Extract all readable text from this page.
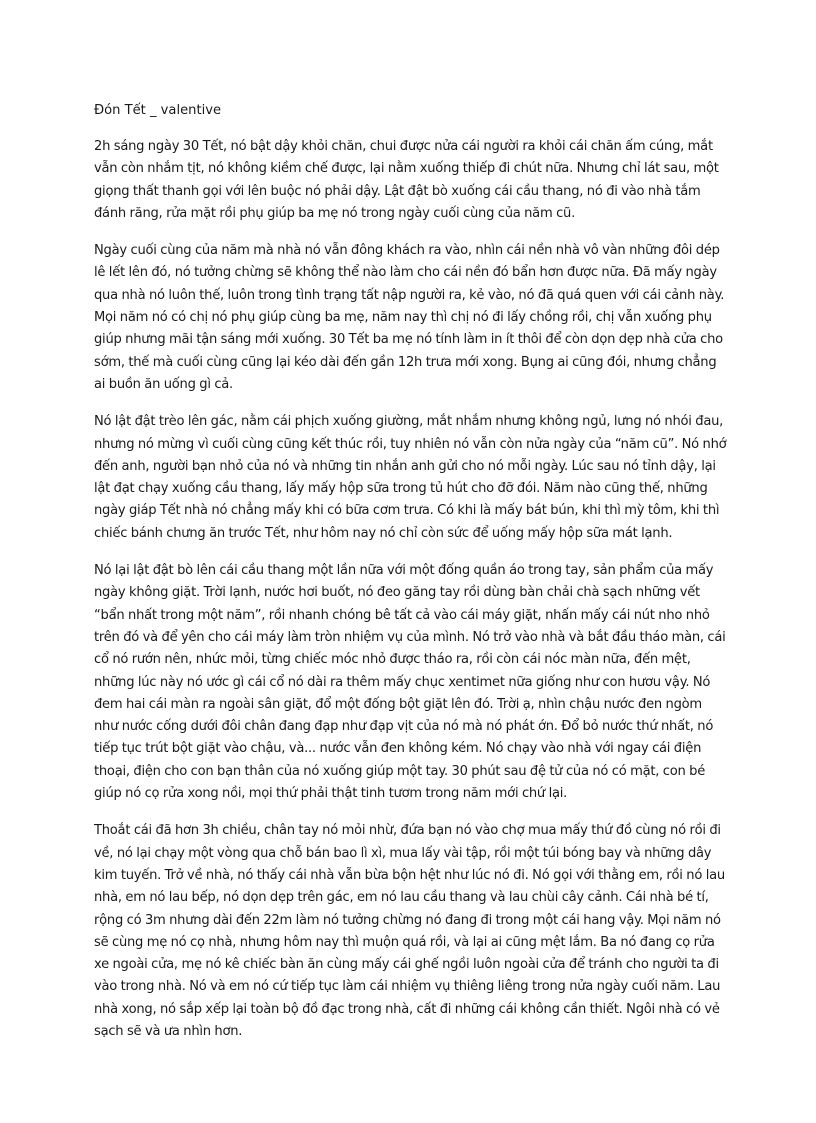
Đón Tết _ valentive

2h sáng ngày 30 Tết, nó bật dậy khỏi chăn, chui được nửa cái người ra khỏi cái chăn ấm cúng, mắt vẫn còn nhắm tịt, nó không kiềm chế được, lại nằm xuống thiếp đi chút nữa. Nhưng chỉ lát sau, một giọng thất thanh gọi với lên buộc nó phải dậy. Lật đật bò xuống cái cầu thang, nó đi vào nhà tắm đánh răng, rửa mặt rồi phụ giúp ba mẹ nó trong ngày cuối cùng của năm cũ.

Ngày cuối cùng của năm mà nhà nó vẫn đông khách ra vào, nhìn cái nền nhà vô vàn những đôi dép lê lết lên đó, nó tưởng chừng sẽ không thể nào làm cho cái nền đó bẩn hơn được nữa. Đã mấy ngày qua nhà nó luôn thế, luôn trong tình trạng tất nập người ra, kẻ vào, nó đã quá quen với cái cảnh này. Mọi năm nó có chị nó phụ giúp cùng ba mẹ, năm nay thì chị nó đi lấy chồng rồi, chị vẫn xuống phụ giúp nhưng mãi tận sáng mới xuống. 30 Tết ba mẹ nó tính làm in ít thôi để còn dọn dẹp nhà cửa cho sớm, thế mà cuối cùng cũng lại kéo dài đến gần 12h trưa mới xong. Bụng ai cũng đói, nhưng chẳng ai buồn ăn uống gì cả.

Nó lật đật trèo lên gác, nằm cái phịch xuống giường, mắt nhắm nhưng không ngủ, lưng nó nhói đau, nhưng nó mừng vì cuối cùng cũng kết thúc rồi, tuy nhiên nó vẫn còn nửa ngày của “năm cũ”. Nó nhớ đến anh, người bạn nhỏ của nó và những tin nhắn anh gửi cho nó mỗi ngày. Lúc sau nó tỉnh dậy, lại lật đạt chạy xuống cầu thang, lấy mấy hộp sữa trong tủ hút cho đỡ đói. Năm nào cũng thế, những ngày giáp Tết nhà nó chẳng mấy khi có bữa cơm trưa. Có khi là mấy bát bún, khi thì mỳ tôm, khi thì chiếc bánh chưng ăn trước Tết, như hôm nay nó chỉ còn sức để uống mấy hộp sữa mát lạnh.

Nó lại lật đật bò lên cái cầu thang một lần nữa với một đống quần áo trong tay, sản phẩm của mấy ngày không giặt. Trời lạnh, nước hơi buốt, nó đeo găng tay rồi dùng bàn chải chà sạch những vết “bẩn nhất trong một năm”, rồi nhanh chóng bê tất cả vào cái máy giặt, nhấn mấy cái nút nho nhỏ trên đó và để yên cho cái máy làm tròn nhiệm vụ của mình. Nó trở vào nhà và bắt đầu tháo màn, cái cổ nó rướn nên, nhức mỏi, từng chiếc móc nhỏ được tháo ra, rồi còn cái nóc màn nữa, đến mệt, những lúc này nó ước gì cái cổ nó dài ra thêm mấy chục xentimet nữa giống như con hươu vậy. Nó đem hai cái màn ra ngoài sân giặt, đổ một đống bột giặt lên đó. Trời ạ, nhìn chậu nước đen ngòm như nước cống dưới đôi chân đang đạp như đạp vịt của nó mà nó phát ớn. Đổ bỏ nước thứ nhất, nó tiếp tục trút bột giặt vào chậu, và... nước vẫn đen không kém. Nó chạy vào nhà với ngay cái điện thoại, điện cho con bạn thân của nó xuống giúp một tay. 30 phút sau đệ tử của nó có mặt, con bé giúp nó cọ rửa xong nồi, mọi thứ phải thật tinh tươm trong năm mới chứ lại.

Thoắt cái đã hơn 3h chiều, chân tay nó mỏi nhừ, đứa bạn nó vào chợ mua mấy thứ đồ cùng nó rồi đi về, nó lại chạy một vòng qua chỗ bán bao lì xì, mua lấy vài tập, rồi một túi bóng bay và những dây kim tuyến. Trở về nhà, nó thấy cái nhà vẫn bừa bộn hệt như lúc nó đi. Nó gọi với thằng em, rồi nó lau nhà, em nó lau bếp, nó dọn dẹp trên gác, em nó lau cầu thang và lau chùi cây cảnh. Cái nhà bé tí, rộng có 3m nhưng dài đến 22m làm nó tưởng chừng nó đang đi trong một cái hang vậy. Mọi năm nó sẽ cùng mẹ nó cọ nhà, nhưng hôm nay thì muộn quá rồi, và lại ai cũng mệt lắm. Ba nó đang cọ rửa xe ngoài cửa, mẹ nó kê chiếc bàn ăn cùng mấy cái ghế ngồi luôn ngoài cửa để tránh cho người ta đi vào trong nhà. Nó và em nó cứ tiếp tục làm cái nhiệm vụ thiêng liêng trong nửa ngày cuối năm. Lau nhà xong, nó sắp xếp lại toàn bộ đồ đạc trong nhà, cất đi những cái không cần thiết. Ngôi nhà có vẻ sạch sẽ và ưa nhìn hơn.
